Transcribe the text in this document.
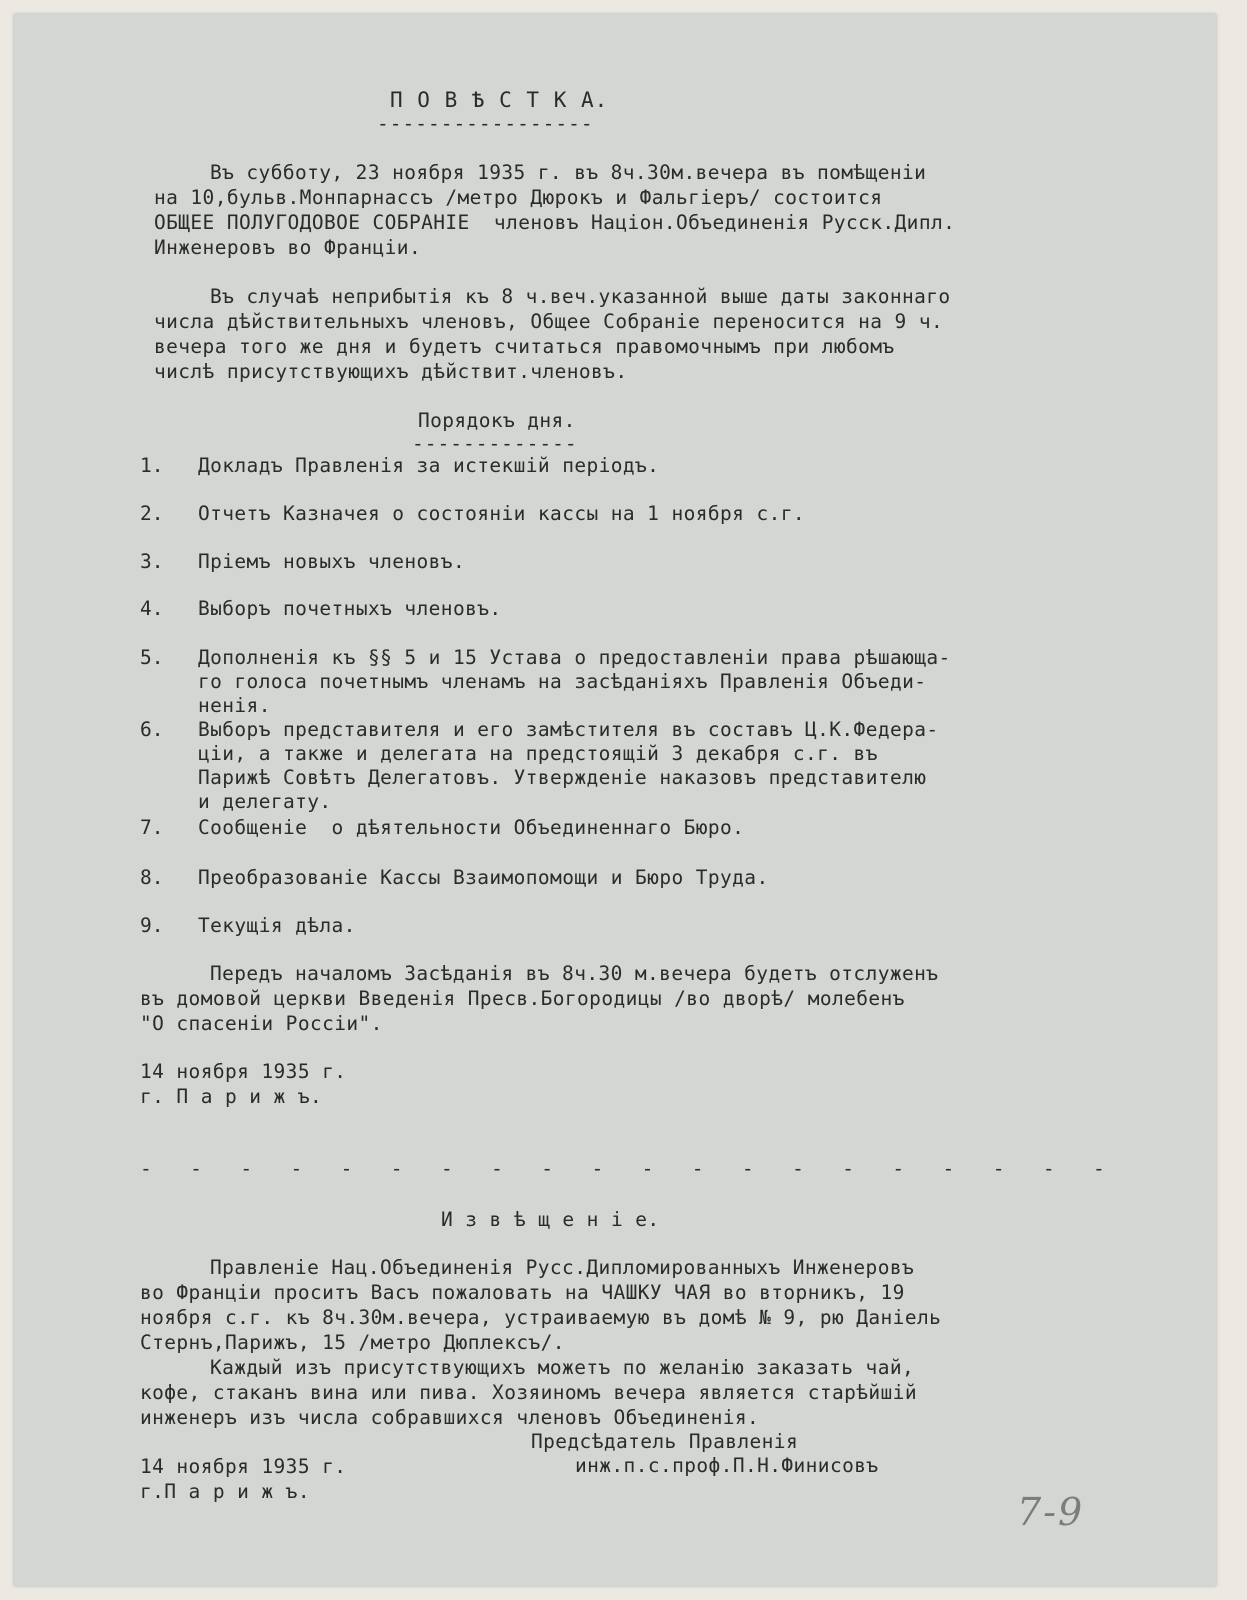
П О В Ѣ С Т К А.
-----------------
Въ субботу, 23 ноября 1935 г. въ 8ч.30м.вечера въ помѣщеніи
на 10,бульв.Монпарнассъ /метро Дюрокъ и Фальгіеръ/ состоится
ОБЩЕЕ ПОЛУГОДОВОЕ СОБРАНІЕ  членовъ Націон.Объединенія Русск.Дипл.
Инженеровъ во Франціи.
Въ случаѣ неприбытія къ 8 ч.веч.указанной выше даты законнаго
числа дѣйствительныхъ членовъ, Общее Собраніе переносится на 9 ч.
вечера того же дня и будетъ считаться правомочнымъ при любомъ
числѣ присутствующихъ дѣйствит.членовъ.
Порядокъ дня.
-------------
1. Докладъ Правленія за истекшій періодъ.
2. Отчетъ Казначея о состояніи кассы на 1 ноября с.г.
3. Пріемъ новыхъ членовъ.
4. Выборъ почетныхъ членовъ.
5. Дополненія къ §§ 5 и 15 Устава о предоставленіи права рѣшающа-
го голоса почетнымъ членамъ на засѣданіяхъ Правленія Объеди-
ненія.
6. Выборъ представителя и его замѣстителя въ составъ Ц.К.Федера-
ціи, а также и делегата на предстоящій 3 декабря с.г. въ
Парижѣ Совѣтъ Делегатовъ. Утвержденіе наказовъ представителю
и делегату.
7. Сообщеніе  о дѣятельности Объединеннаго Бюро.
8. Преобразованіе Кассы Взаимопомощи и Бюро Труда.
9. Текущія дѣла.
Передъ началомъ Засѣданія въ 8ч.30 м.вечера будетъ отслуженъ
въ домовой церкви Введенія Пресв.Богородицы /во дворѣ/ молебенъ
"О спасеніи Россіи".
14 ноября 1935 г.
г. П а р и ж ъ.
-   -   -   -   -   -   -   -   -   -   -   -   -   -   -   -   -   -   -   -
И з в ѣ щ е н і е.
Правленіе Нац.Объединенія Русс.Дипломированныхъ Инженеровъ
во Франціи проситъ Васъ пожаловать на ЧАШКУ ЧАЯ во вторникъ, 19
ноября с.г. къ 8ч.30м.вечера, устраиваемую въ домѣ № 9, рю Даніель
Стернъ,Парижъ, 15 /метро Дюплексъ/.
Каждый изъ присутствующихъ можетъ по желанію заказать чай,
кофе, стаканъ вина или пива. Хозяиномъ вечера является старѣйшій
инженеръ изъ числа собравшихся членовъ Объединенія.
Предсѣдатель Правленія
инж.п.с.проф.П.Н.Финисовъ
14 ноября 1935 г.
г.П а р и ж ъ.	7-9
